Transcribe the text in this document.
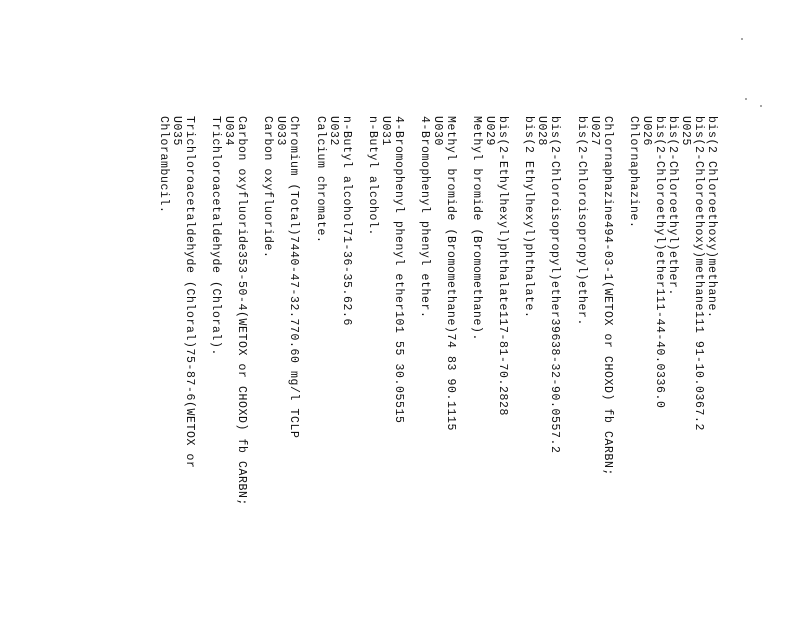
bis(2 Chloroethoxy)methane.
bis(2-Chloroethoxy)methane111 91-10.0367.2
U025
bis(2-Chloroethyl)ether.
bis(2-Chloroethyl)ether111-44-40.0336.0
U026
Chlornaphazine.
Chlornaphazine494-03-1(WETOX or CHOXD) fb CARBN;
U027
bis(2-Chloroisopropyl)ether.
bis(2-Chloroisopropyl)ether39638-32-90.0557.2
U028
bis(2 Ethylhexyl)phthalate.
bis(2-Ethylhexyl)phthalate117-81-70.2828
U029
Methyl bromide (Bromomethane).
Methyl bromide (Bromomethane)74 83 90.1115
U030
4-Bromophenyl phenyl ether.
4-Bromophenyl phenyl ether101 55 30.05515
U031
n-Butyl alcohol.
n-Butyl alcohol71-36-35.62.6
U032
Calcium chromate.
Chromium (Total)7440-47-32.770.60 mg/l TCLP
U033
Carbon oxyfluoride.
Carbon oxyfluoride353-50-4(WETOX or CHOXD) fb CARBN;
U034
Trichloroacetaldehyde (Chloral).
Trichloroacetaldehyde (Chloral)75-87-6(WETOX or
U035
Chlorambucil.
